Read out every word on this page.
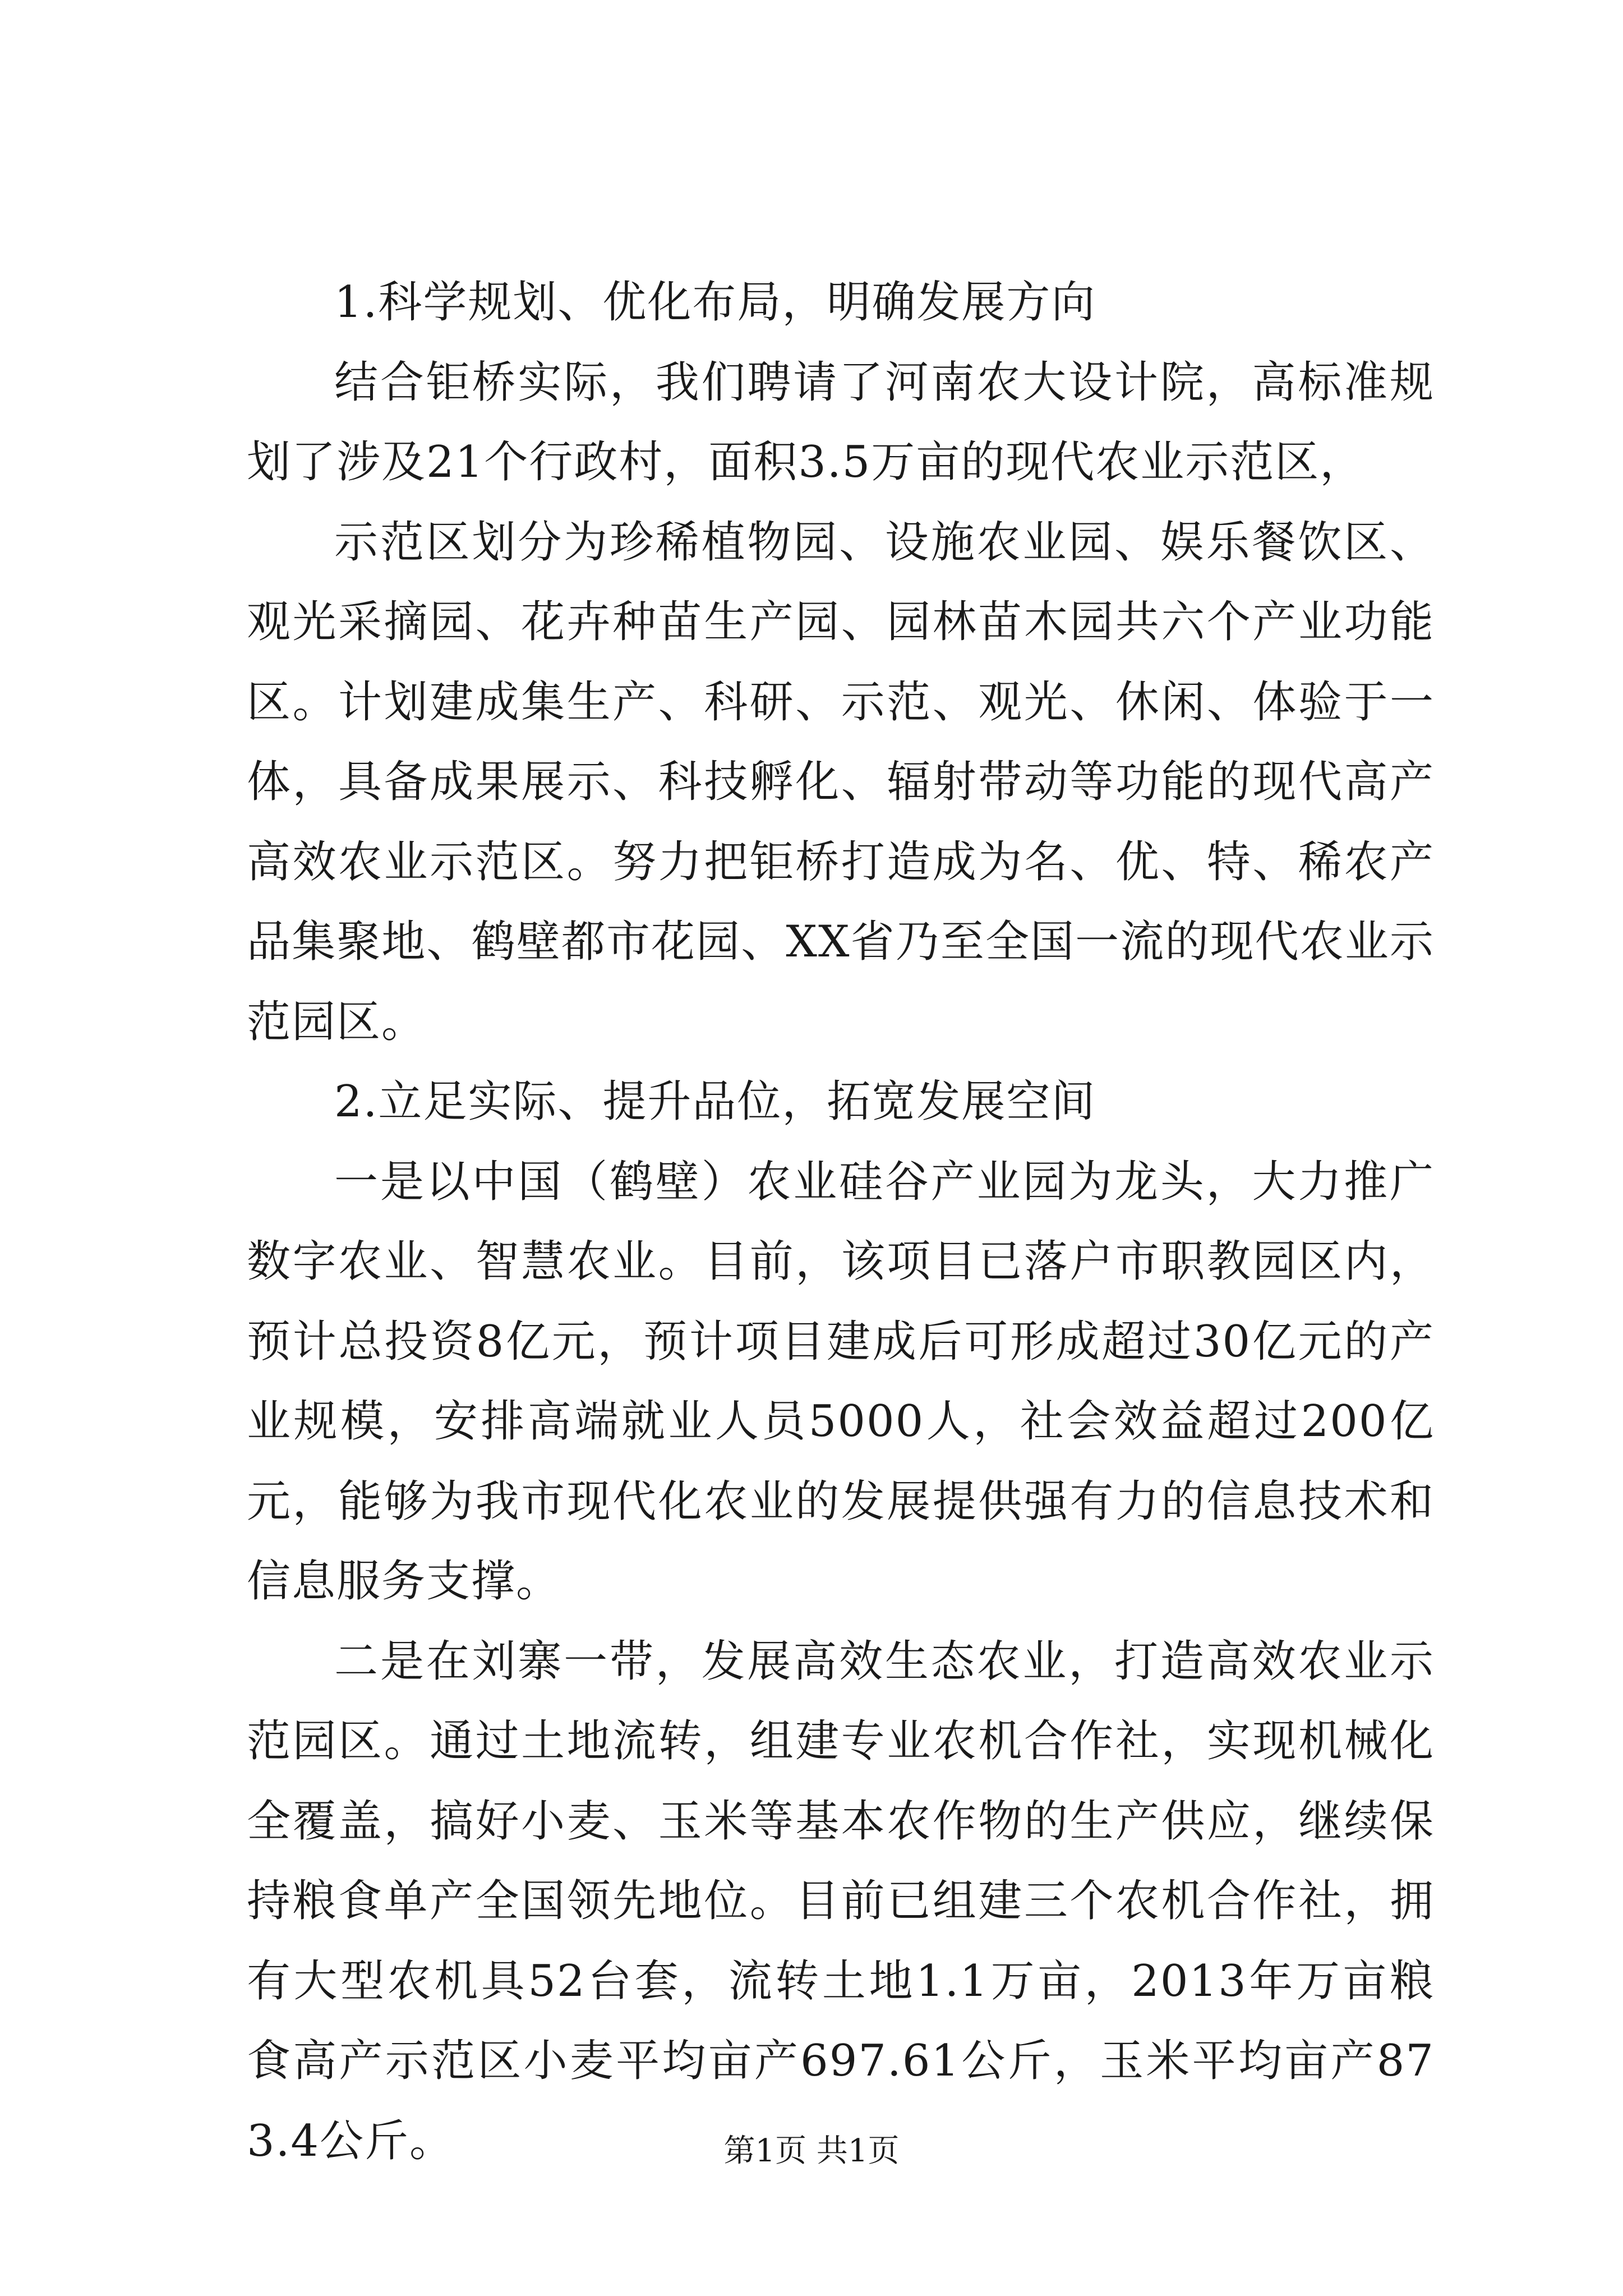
1.科学规划、优化布局，明确发展方向

结合钜桥实际，我们聘请了河南农大设计院，高标准规划了涉及21个行政村，面积3.5万亩的现代农业示范区，

示范区划分为珍稀植物园、设施农业园、娱乐餐饮区、观光采摘园、花卉种苗生产园、园林苗木园共六个产业功能区。计划建成集生产、科研、示范、观光、休闲、体验于一体，具备成果展示、科技孵化、辐射带动等功能的现代高产高效农业示范区。努力把钜桥打造成为名、优、特、稀农产品集聚地、鹤壁都市花园、XX省乃至全国一流的现代农业示范园区。

2.立足实际、提升品位，拓宽发展空间

一是以中国（鹤壁）农业硅谷产业园为龙头，大力推广数字农业、智慧农业。目前，该项目已落户市职教园区内，预计总投资8亿元，预计项目建成后可形成超过30亿元的产业规模，安排高端就业人员5000人，社会效益超过200亿元，能够为我市现代化农业的发展提供强有力的信息技术和信息服务支撑。

二是在刘寨一带，发展高效生态农业，打造高效农业示范园区。通过土地流转，组建专业农机合作社，实现机械化全覆盖，搞好小麦、玉米等基本农作物的生产供应，继续保持粮食单产全国领先地位。目前已组建三个农机合作社，拥有大型农机具52台套，流转土地1.1万亩，2013年万亩粮食高产示范区小麦平均亩产697.61公斤，玉米平均亩产873.4公斤。	第1页 共1页
